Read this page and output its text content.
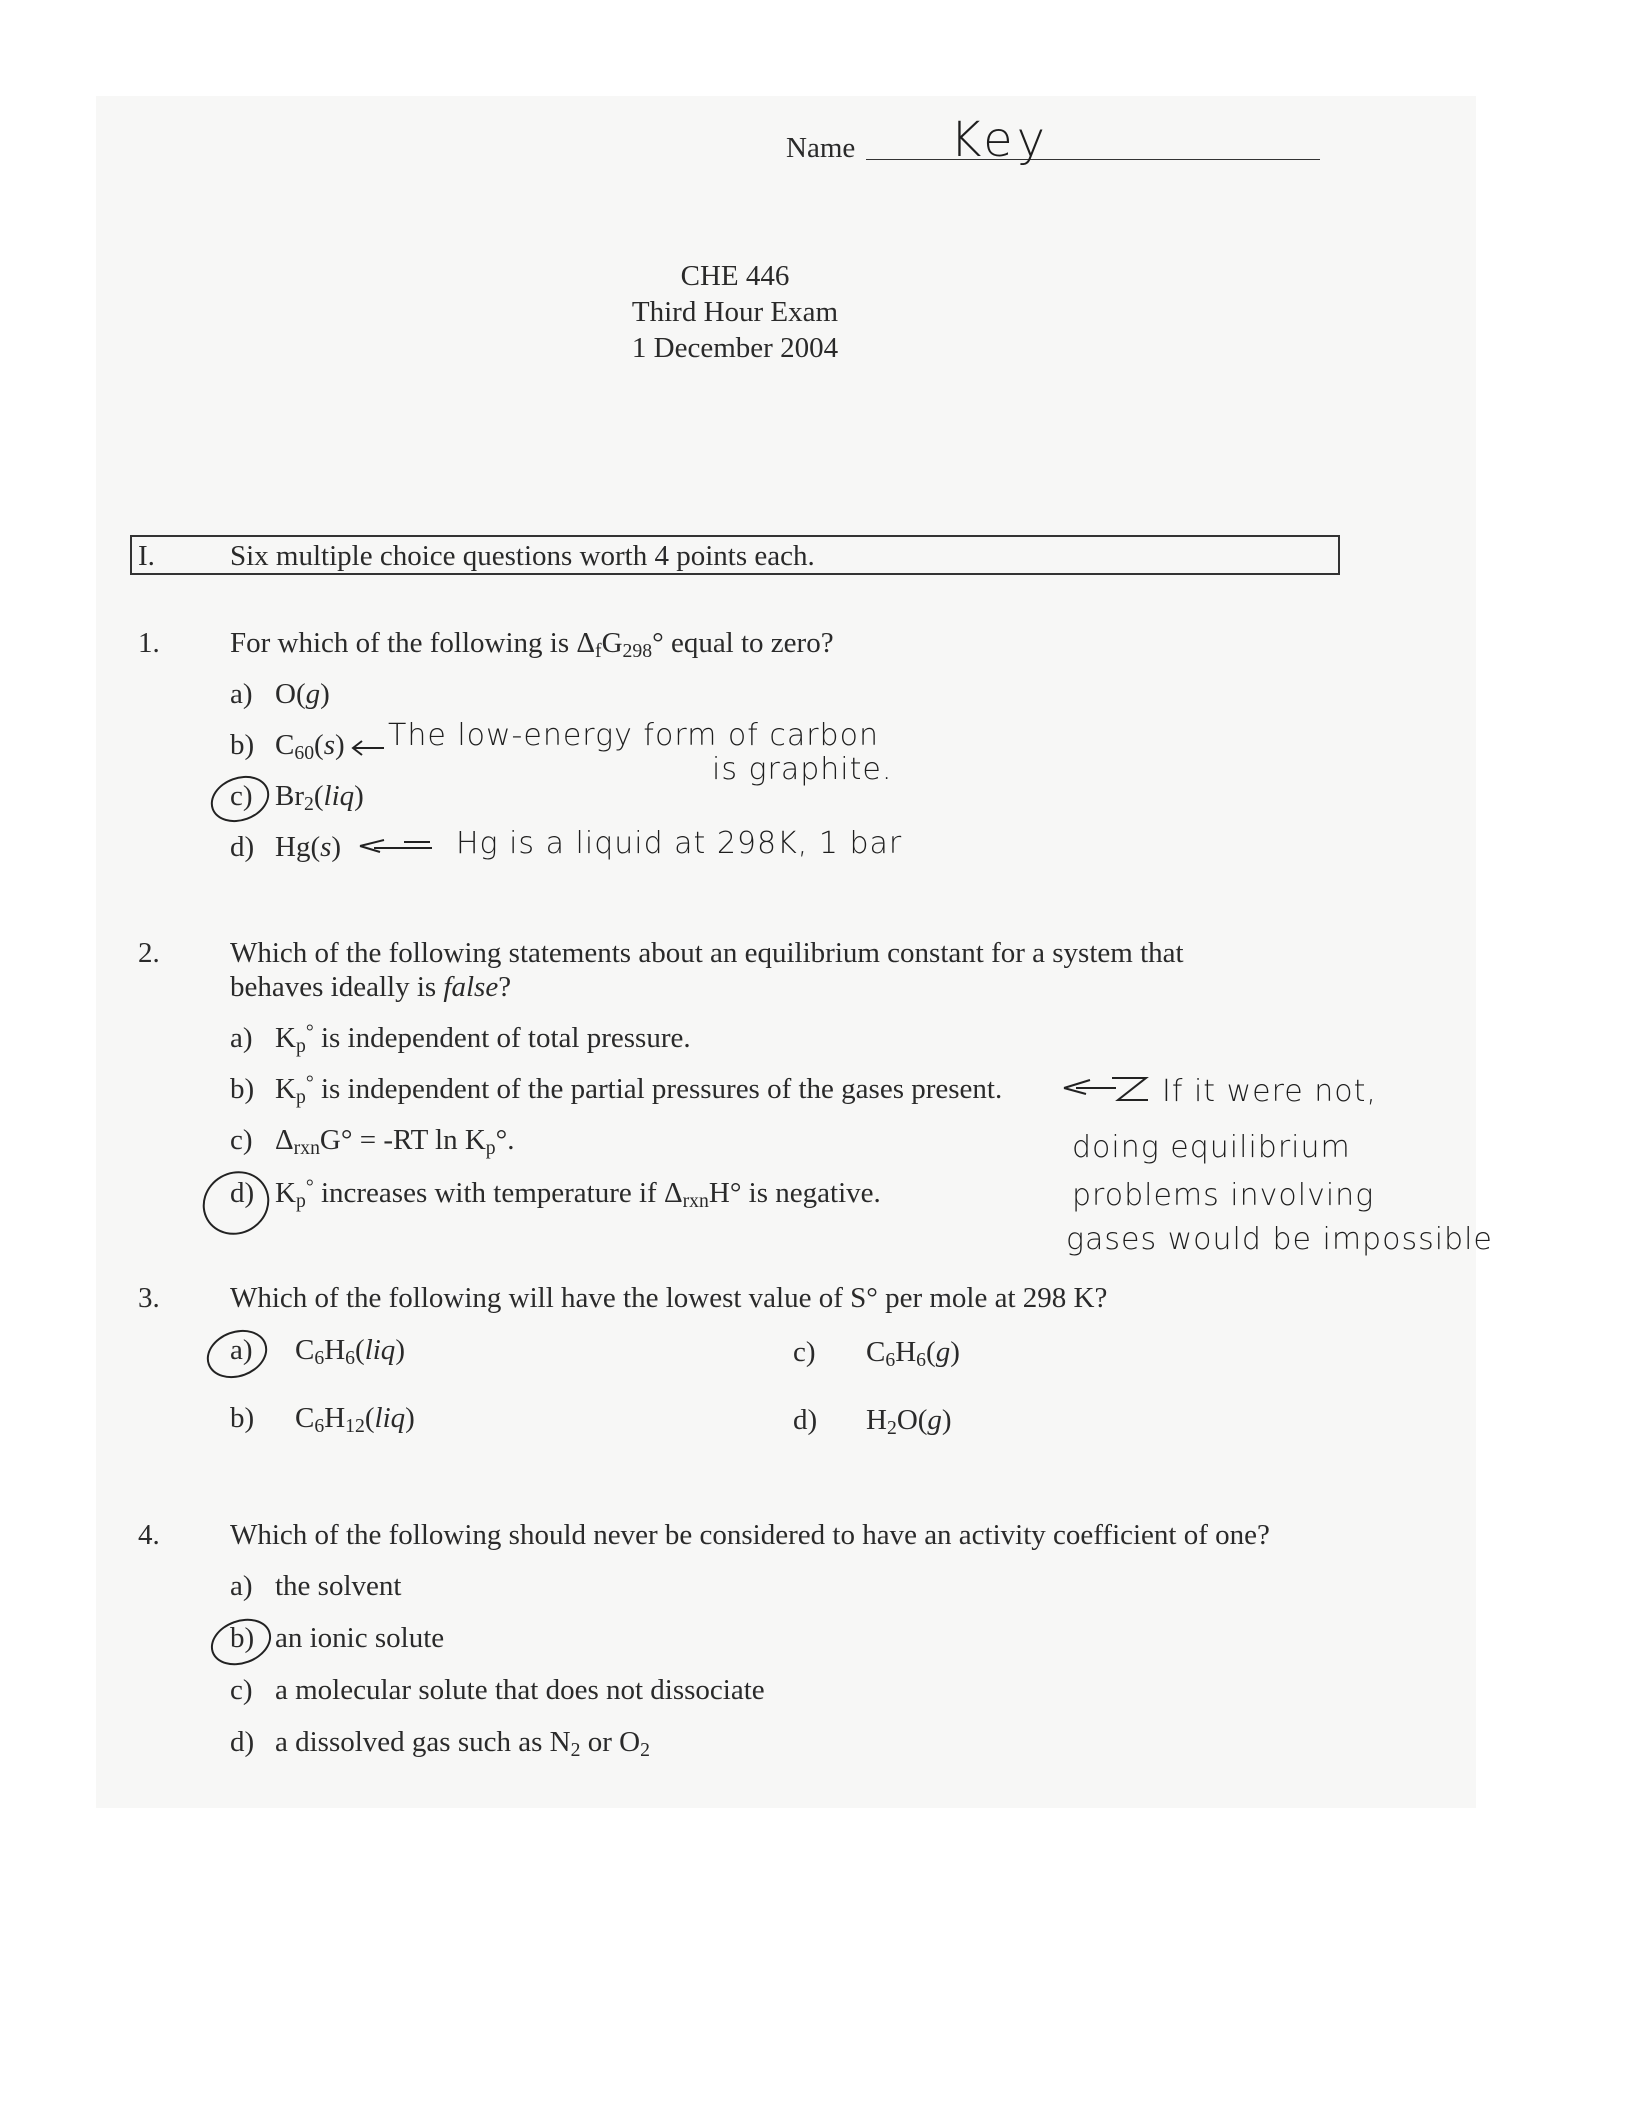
Name Key
CHE 446
Third Hour Exam
1 December 2004
I.	Six multiple choice questions worth 4 points each.
1. For which of the following is $\Delta_fG_{298}^\circ$ equal to zero?
a) O(g)
b) $C_{60}(s)$ The low-energy form of carbon
is graphite.
c) $Br_2(liq)$
d) Hg(s)	Hg is a liquid at 298K, 1 bar
2. Which of the following statements about an equilibrium constant for a system that
behaves ideally is false?
a) $K_p^\circ$ is independent of total pressure.
b) $K_p^\circ$ is independent of the partial pressures of the gases present.
c) $\Delta_{rxn}G^\circ = -RT$ $\ln K_p^\circ$.
d) $K_p^\circ$ increases with temperature if $\Delta_{rxn}H^\circ$ is negative.
If it were not,
doing equilibrium
problems involving
gases would be impossible
3. Which of the following will have the lowest value of S° per mole at 298 K?
a) $C_6H_6(liq)$	c) $C_6H_6(g)$
b) $C_6H_{12}(liq)$	d) $H_2O(g)$
4. Which of the following should never be considered to have an activity coefficient of one?
a) the solvent
b) an ionic solute
c) a molecular solute that does not dissociate
d) a dissolved gas such as $N_2$ or $O_2$
